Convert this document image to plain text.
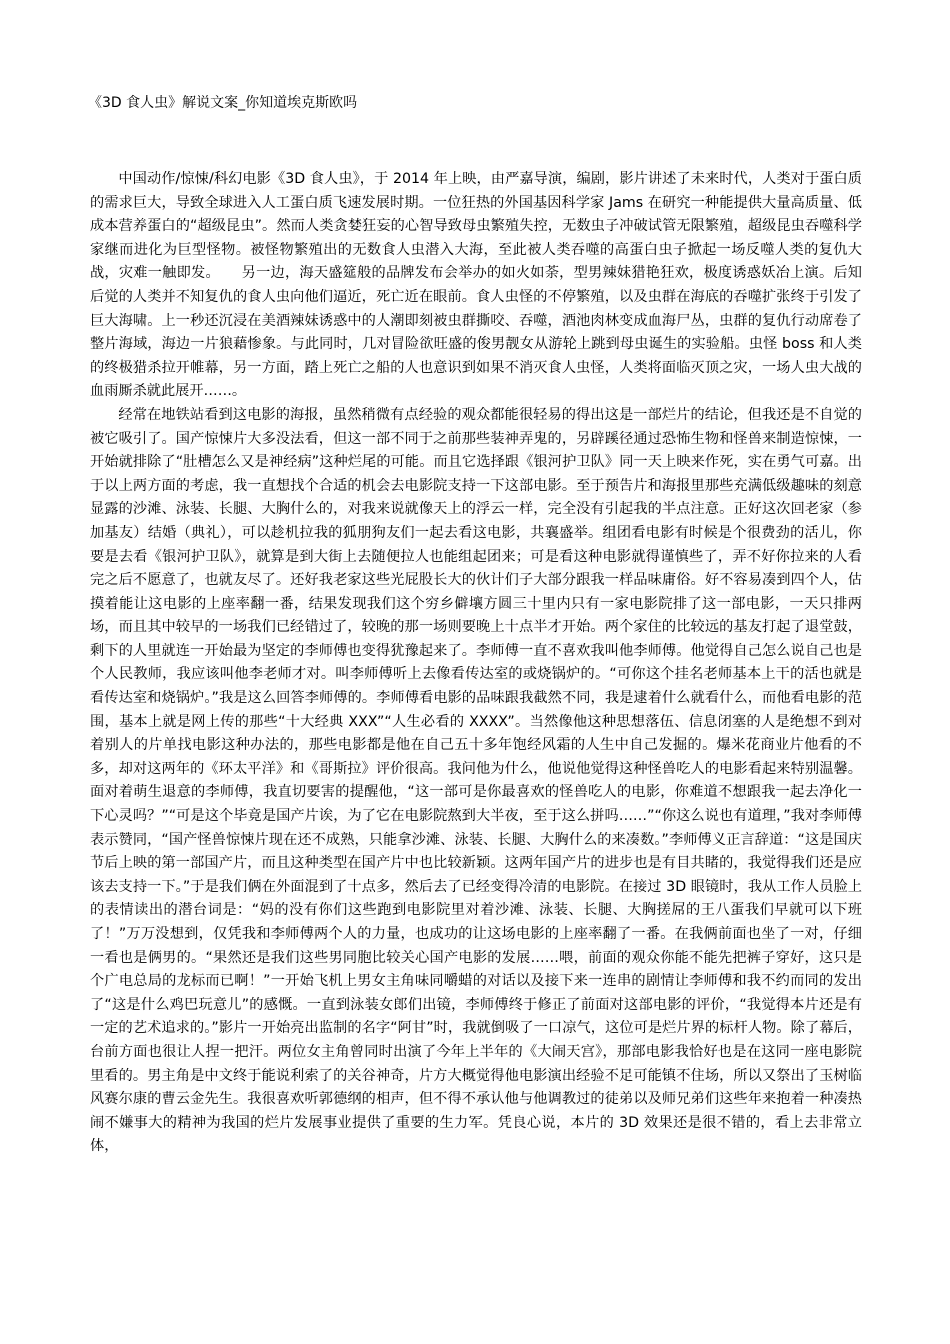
《3D 食人虫》解说文案_你知道埃克斯欧吗

中国动作/惊悚/科幻电影《3D 食人虫》，于 2014 年上映，由严嘉导演，编剧，影片讲述了未来时代，人类对于蛋白质的需求巨大，导致全球进入人工蛋白质飞速发展时期。一位狂热的外国基因科学家 Jams 在研究一种能提供大量高质量、低成本营养蛋白的“超级昆虫”。然而人类贪婪狂妄的心智导致母虫繁殖失控，无数虫子冲破试管无限繁殖，超级昆虫吞噬科学家继而进化为巨型怪物。被怪物繁殖出的无数食人虫潜入大海，至此被人类吞噬的高蛋白虫子掀起一场反噬人类的复仇大战，灾难一触即发。　　另一边，海天盛筵般的品牌发布会举办的如火如荼，型男辣妹猎艳狂欢，极度诱惑妖冶上演。后知后觉的人类并不知复仇的食人虫向他们逼近，死亡近在眼前。食人虫怪的不停繁殖，以及虫群在海底的吞噬扩张终于引发了巨大海啸。上一秒还沉浸在美酒辣妹诱惑中的人潮即刻被虫群撕咬、吞噬，酒池肉林变成血海尸丛，虫群的复仇行动席卷了整片海域，海边一片狼藉惨象。与此同时，几对冒险欲旺盛的俊男靓女从游轮上跳到母虫诞生的实验船。虫怪 boss 和人类的终极猎杀拉开帷幕，另一方面，踏上死亡之船的人也意识到如果不消灭食人虫怪，人类将面临灭顶之灾，一场人虫大战的血雨厮杀就此展开……。

经常在地铁站看到这电影的海报，虽然稍微有点经验的观众都能很轻易的得出这是一部烂片的结论，但我还是不自觉的被它吸引了。国产惊悚片大多没法看，但这一部不同于之前那些装神弄鬼的，另辟蹊径通过恐怖生物和怪兽来制造惊悚，一开始就排除了“肚槽怎么又是神经病”这种烂尾的可能。而且它选择跟《银河护卫队》同一天上映来作死，实在勇气可嘉。出于以上两方面的考虑，我一直想找个合适的机会去电影院支持一下这部电影。至于预告片和海报里那些充满低级趣味的刻意显露的沙滩、泳装、长腿、大胸什么的，对我来说就像天上的浮云一样，完全没有引起我的半点注意。正好这次回老家（参加基友）结婚（典礼），可以趁机拉我的狐朋狗友们一起去看这电影，共襄盛举。组团看电影有时候是个很费劲的活儿，你要是去看《银河护卫队》，就算是到大街上去随便拉人也能组起团来；可是看这种电影就得谨慎些了，弄不好你拉来的人看完之后不愿意了，也就友尽了。还好我老家这些光屁股长大的伙计们子大部分跟我一样品味庸俗。好不容易凑到四个人，估摸着能让这电影的上座率翻一番，结果发现我们这个穷乡僻壤方圆三十里内只有一家电影院排了这一部电影，一天只排两场，而且其中较早的一场我们已经错过了，较晚的那一场则要晚上十点半才开始。两个家住的比较远的基友打起了退堂鼓，剩下的人里就连一开始最为坚定的李师傅也变得犹豫起来了。李师傅一直不喜欢我叫他李师傅。他觉得自己怎么说自己也是个人民教师，我应该叫他李老师才对。叫李师傅听上去像看传达室的或烧锅炉的。“可你这个挂名老师基本上干的活也就是看传达室和烧锅炉。”我是这么回答李师傅的。李师傅看电影的品味跟我截然不同，我是逮着什么就看什么，而他看电影的范围，基本上就是网上传的那些“十大经典 XXX”“人生必看的 XXXX”。当然像他这种思想落伍、信息闭塞的人是绝想不到对着别人的片单找电影这种办法的，那些电影都是他在自己五十多年饱经风霜的人生中自己发掘的。爆米花商业片他看的不多，却对这两年的《环太平洋》和《哥斯拉》评价很高。我问他为什么，他说他觉得这种怪兽吃人的电影看起来特别温馨。面对着萌生退意的李师傅，我直切要害的提醒他，“这一部可是你最喜欢的怪兽吃人的电影，你难道不想跟我一起去净化一下心灵吗？”“可是这个毕竟是国产片诶，为了它在电影院熬到大半夜，至于这么拼吗……”“你这么说也有道理，”我对李师傅表示赞同，“国产怪兽惊悚片现在还不成熟，只能拿沙滩、泳装、长腿、大胸什么的来凑数。”李师傅义正言辞道：“这是国庆节后上映的第一部国产片，而且这种类型在国产片中也比较新颖。这两年国产片的进步也是有目共睹的，我觉得我们还是应该去支持一下。”于是我们俩在外面混到了十点多，然后去了已经变得冷清的电影院。在接过 3D 眼镜时，我从工作人员脸上的表情读出的潜台词是：“妈的没有你们这些跑到电影院里对着沙滩、泳装、长腿、大胸搓屌的王八蛋我们早就可以下班了！”万万没想到，仅凭我和李师傅两个人的力量，也成功的让这场电影的上座率翻了一番。在我俩前面也坐了一对，仔细一看也是俩男的。“果然还是我们这些男同胞比较关心国产电影的发展……喂，前面的观众你能不能先把裤子穿好，这只是个广电总局的龙标而已啊！”一开始飞机上男女主角味同嚼蜡的对话以及接下来一连串的剧情让李师傅和我不约而同的发出了“这是什么鸡巴玩意儿”的感慨。一直到泳装女郎们出镜，李师傅终于修正了前面对这部电影的评价，“我觉得本片还是有一定的艺术追求的。”影片一开始亮出监制的名字“阿甘”时，我就倒吸了一口凉气，这位可是烂片界的标杆人物。除了幕后，台前方面也很让人捏一把汗。两位女主角曾同时出演了今年上半年的《大闹天宫》，那部电影我恰好也是在这同一座电影院里看的。男主角是中文终于能说利索了的关谷神奇，片方大概觉得他电影演出经验不足可能镇不住场，所以又祭出了玉树临风赛尔康的曹云金先生。我很喜欢听郭德纲的相声，但不得不承认他与他调教过的徒弟以及师兄弟们这些年来抱着一种凑热闹不嫌事大的精神为我国的烂片发展事业提供了重要的生力军。凭良心说，本片的 3D 效果还是很不错的，看上去非常立体，
